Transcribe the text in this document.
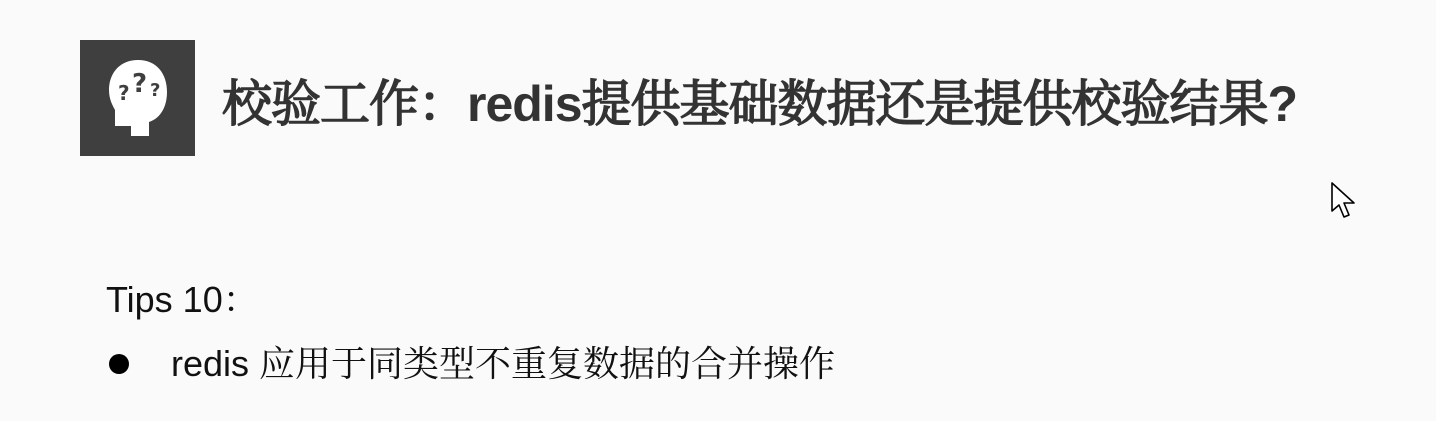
? ? ? 校验工作：redis提供基础数据还是提供校验结果?
Tips 10：
redis 应用于同类型不重复数据的合并操作
